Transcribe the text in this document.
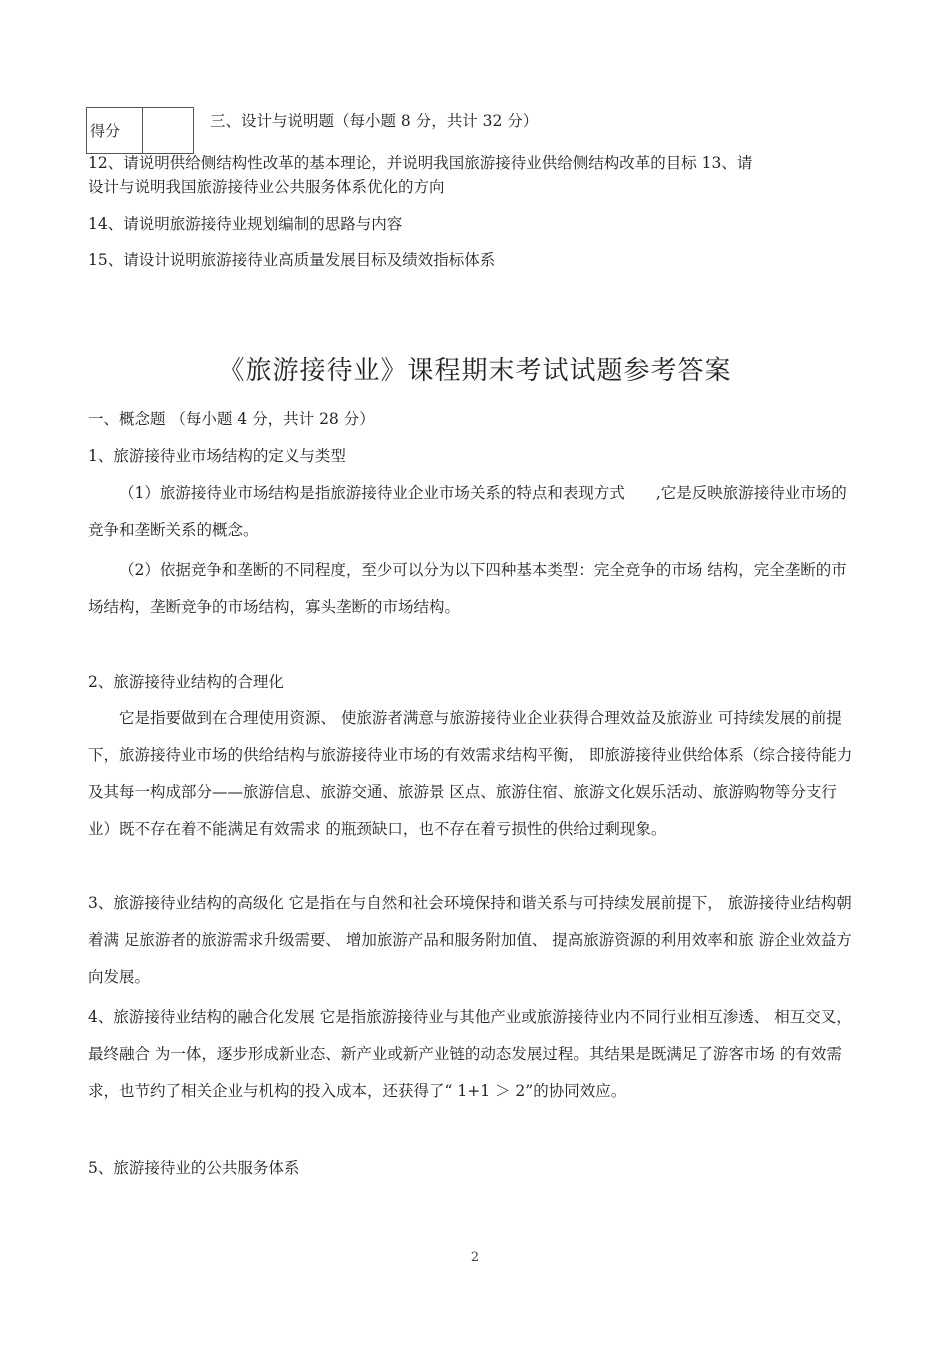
得分
三、设计与说明题（每小题 8 分，共计 32 分）
12、请说明供给侧结构性改革的基本理论，并说明我国旅游接待业供给侧结构改革的目标 13、请
设计与说明我国旅游接待业公共服务体系优化的方向
14、请说明旅游接待业规划编制的思路与内容
15、请设计说明旅游接待业高质量发展目标及绩效指标体系
《旅游接待业》课程期末考试试题参考答案
一、概念题 （每小题 4 分，共计 28 分）
1、旅游接待业市场结构的定义与类型
（1）旅游接待业市场结构是指旅游接待业企业市场关系的特点和表现方式　　,它是反映旅游接待业市场的竞争和垄断关系的概念。
（2）依据竞争和垄断的不同程度，至少可以分为以下四种基本类型：完全竞争的市场 结构，完全垄断的市场结构，垄断竞争的市场结构，寡头垄断的市场结构。
2、旅游接待业结构的合理化
它是指要做到在合理使用资源、 使旅游者满意与旅游接待业企业获得合理效益及旅游业 可持续发展的前提下，旅游接待业市场的供给结构与旅游接待业市场的有效需求结构平衡， 即旅游接待业供给体系（综合接待能力及其每一构成部分——旅游信息、旅游交通、旅游景 区点、旅游住宿、旅游文化娱乐活动、旅游购物等分支行业）既不存在着不能满足有效需求 的瓶颈缺口，也不存在着亏损性的供给过剩现象。
3、旅游接待业结构的高级化 它是指在与自然和社会环境保持和谐关系与可持续发展前提下， 旅游接待业结构朝着满 足旅游者的旅游需求升级需要、 增加旅游产品和服务附加值、 提高旅游资源的利用效率和旅 游企业效益方向发展。
4、旅游接待业结构的融合化发展 它是指旅游接待业与其他产业或旅游接待业内不同行业相互渗透、 相互交叉， 最终融合 为一体，逐步形成新业态、新产业或新产业链的动态发展过程。其结果是既满足了游客市场 的有效需求，也节约了相关企业与机构的投入成本，还获得了“ 1+1 ＞ 2”的协同效应。
5、旅游接待业的公共服务体系
2
